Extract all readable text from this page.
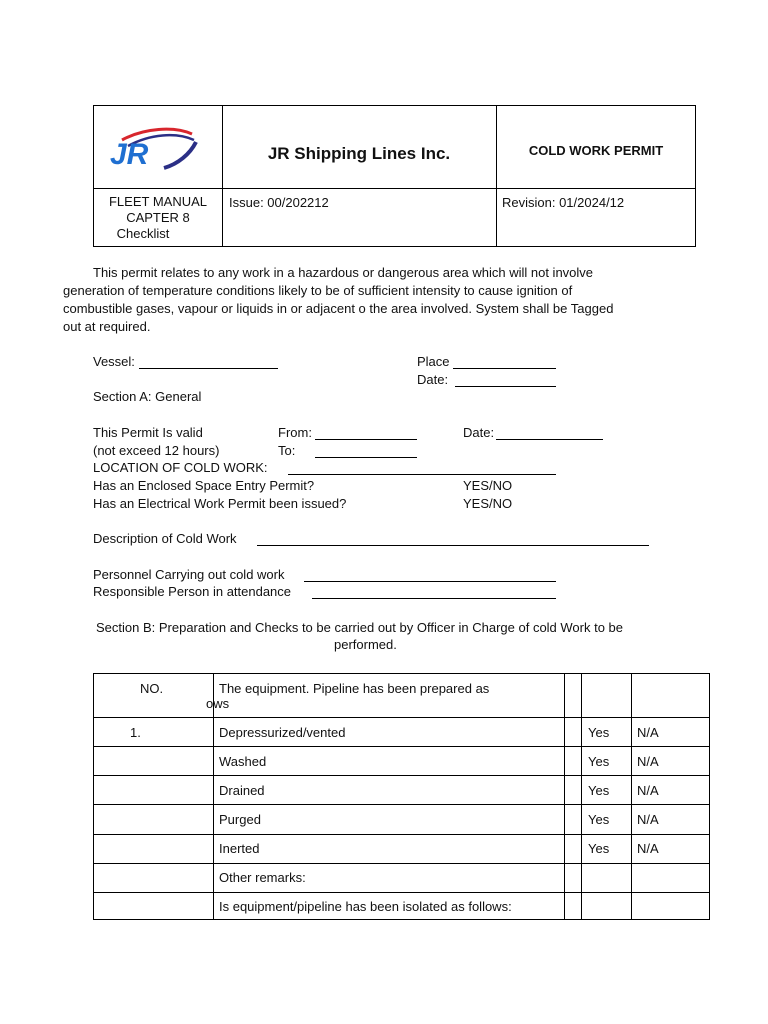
JR	JR Shipping Lines Inc.	COLD WORK PERMIT
FLEET MANUAL
CAPTER 8
Checklist
Issue: 00/202212	Revision: 01/2024/12
This permit relates to any work in a hazardous or dangerous area which will not involve
generation of temperature conditions likely to be of sufficient intensity to cause ignition of
combustible gases, vapour or liquids in or adjacent o the area involved. System shall be Tagged
out at required.
Vessel:	Place
Date:
Section A: General
This Permit Is valid	From:	Date:
(not exceed 12 hours)	To:
LOCATION OF COLD WORK:
Has an Enclosed Space Entry Permit?	YES/NO
Has an Electrical Work Permit been issued?	YES/NO
Description of Cold Work
Personnel Carrying out cold work
Responsible Person in attendance
Section B: Preparation and Checks to be carried out by Officer in Charge of cold Work to be
performed.
NO.	The equipment. Pipeline has been prepared as
ows
1.	Depressurized/vented	Yes N/A
Washed	Yes N/A
Drained	Yes N/A
Purged	Yes N/A
Inerted	Yes N/A
Other remarks:
Is equipment/pipeline has been isolated as follows:
